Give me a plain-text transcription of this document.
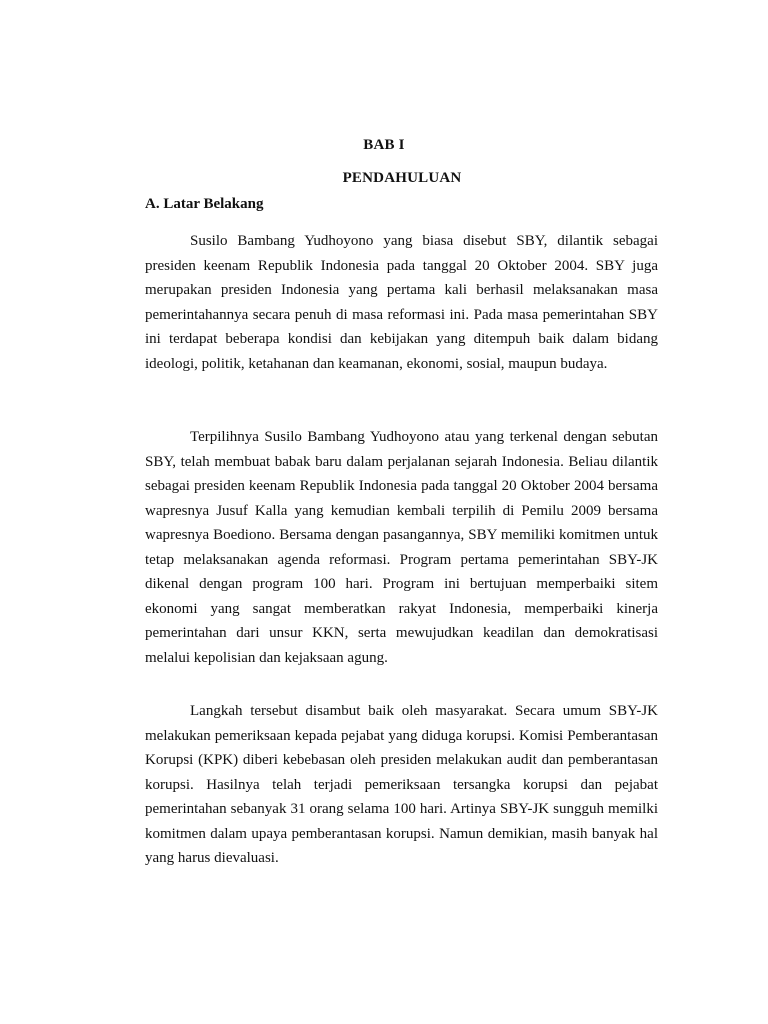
BAB I
PENDAHULUAN
A. Latar Belakang

Susilo Bambang Yudhoyono yang biasa disebut SBY, dilantik sebagai presiden keenam Republik Indonesia pada tanggal 20 Oktober 2004. SBY juga merupakan presiden Indonesia yang pertama kali berhasil melaksanakan masa pemerintahannya secara penuh di masa reformasi ini. Pada masa pemerintahan SBY ini terdapat beberapa kondisi dan kebijakan yang ditempuh baik dalam bidang ideologi, politik, ketahanan dan keamanan, ekonomi, sosial, maupun budaya.

Terpilihnya Susilo Bambang Yudhoyono atau yang terkenal dengan sebutan SBY, telah membuat babak baru dalam perjalanan sejarah Indonesia. Beliau dilantik sebagai presiden keenam Republik Indonesia pada tanggal 20 Oktober 2004 bersama wapresnya Jusuf Kalla yang kemudian kembali terpilih di Pemilu 2009 bersama wapresnya Boediono. Bersama dengan pasangannya, SBY memiliki komitmen untuk tetap melaksanakan agenda reformasi. Program pertama pemerintahan SBY-JK dikenal dengan program 100 hari. Program ini bertujuan memperbaiki sitem ekonomi yang sangat memberatkan rakyat Indonesia, memperbaiki kinerja pemerintahan dari unsur KKN, serta mewujudkan keadilan dan demokratisasi melalui kepolisian dan kejaksaan agung.

Langkah tersebut disambut baik oleh masyarakat. Secara umum SBY-JK melakukan pemeriksaan kepada pejabat yang diduga korupsi. Komisi Pemberantasan Korupsi (KPK) diberi kebebasan oleh presiden melakukan audit dan pemberantasan korupsi. Hasilnya telah terjadi pemeriksaan tersangka korupsi dan pejabat pemerintahan sebanyak 31 orang selama 100 hari. Artinya SBY-JK sungguh memilki komitmen dalam upaya pemberantasan korupsi. Namun demikian, masih banyak hal yang harus dievaluasi.
